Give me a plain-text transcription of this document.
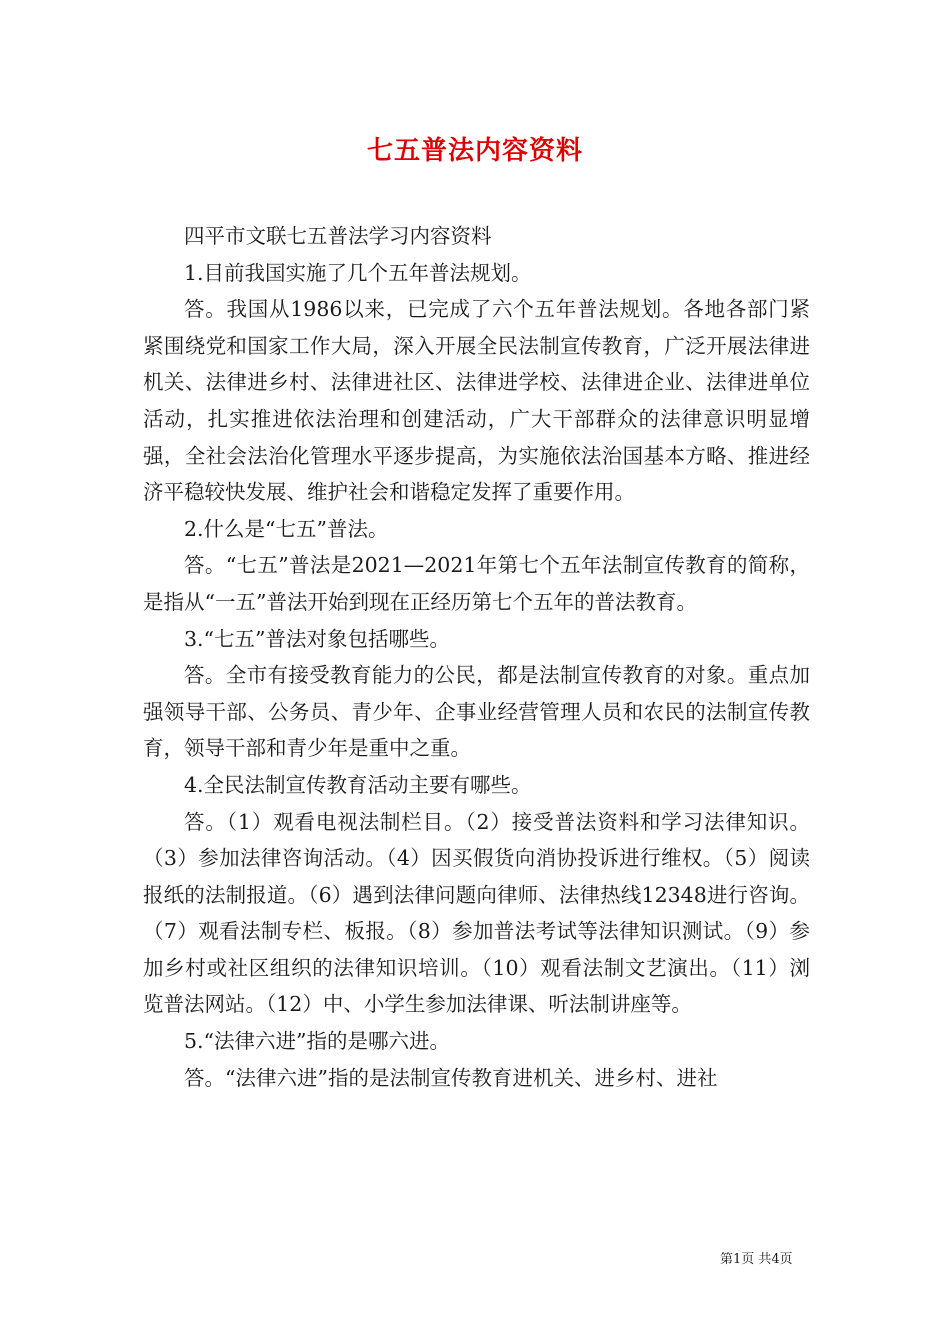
七五普法内容资料

四平市文联七五普法学习内容资料

1.目前我国实施了几个五年普法规划。

答。我国从1986以来，已完成了六个五年普法规划。各地各部门紧紧围绕党和国家工作大局，深入开展全民法制宣传教育，广泛开展法律进机关、法律进乡村、法律进社区、法律进学校、法律进企业、法律进单位活动，扎实推进依法治理和创建活动，广大干部群众的法律意识明显增强，全社会法治化管理水平逐步提高，为实施依法治国基本方略、推进经济平稳较快发展、维护社会和谐稳定发挥了重要作用。

2.什么是“七五”普法。

答。“七五”普法是2021—2021年第七个五年法制宣传教育的简称，是指从“一五”普法开始到现在正经历第七个五年的普法教育。

3.“七五”普法对象包括哪些。

答。全市有接受教育能力的公民，都是法制宣传教育的对象。重点加强领导干部、公务员、青少年、企事业经营管理人员和农民的法制宣传教育，领导干部和青少年是重中之重。

4.全民法制宣传教育活动主要有哪些。

答。（1）观看电视法制栏目。（2）接受普法资料和学习法律知识。（3）参加法律咨询活动。（4）因买假货向消协投诉进行维权。（5）阅读报纸的法制报道。（6）遇到法律问题向律师、法律热线12348进行咨询。（7）观看法制专栏、板报。（8）参加普法考试等法律知识测试。（9）参加乡村或社区组织的法律知识培训。（10）观看法制文艺演出。（11）浏览普法网站。（12）中、小学生参加法律课、听法制讲座等。

5.“法律六进”指的是哪六进。

答。“法律六进”指的是法制宣传教育进机关、进乡村、进社

第1页 共4页
